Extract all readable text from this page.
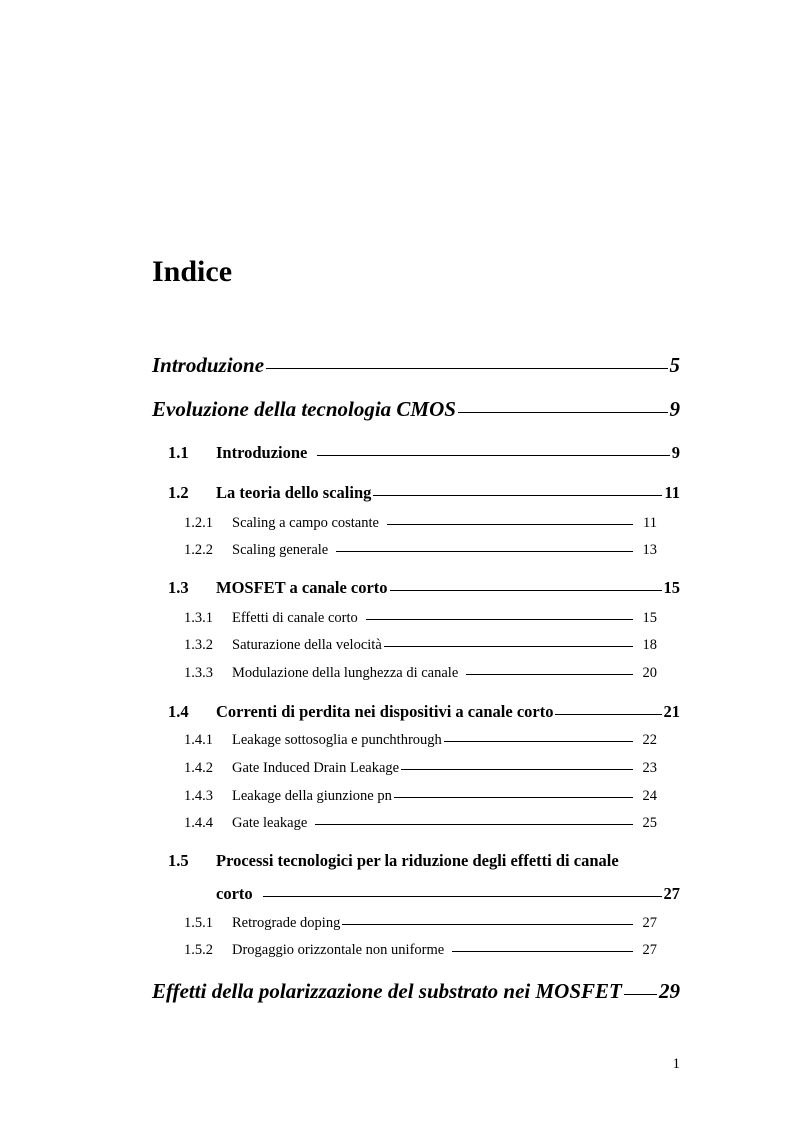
Indice
Introduzione	5
Evoluzione della tecnologia CMOS	9
1.1	Introduzione	9
1.2	La teoria dello scaling	11
1.2.1	Scaling a campo costante	11
1.2.2	Scaling generale	13
1.3	MOSFET a canale corto	15
1.3.1	Effetti di canale corto	15
1.3.2	Saturazione della velocità	18
1.3.3	Modulazione della lunghezza di canale	20
1.4	Correnti di perdita nei dispositivi a canale corto	21
1.4.1	Leakage sottosoglia e punchthrough	22
1.4.2	Gate Induced Drain Leakage	23
1.4.3	Leakage della giunzione pn	24
1.4.4	Gate leakage	25
1.5	Processi tecnologici per la riduzione degli effetti di canale
corto	27
1.5.1	Retrograde doping	27
1.5.2	Drogaggio orizzontale non uniforme	27
Effetti della polarizzazione del substrato nei MOSFET 29
1
